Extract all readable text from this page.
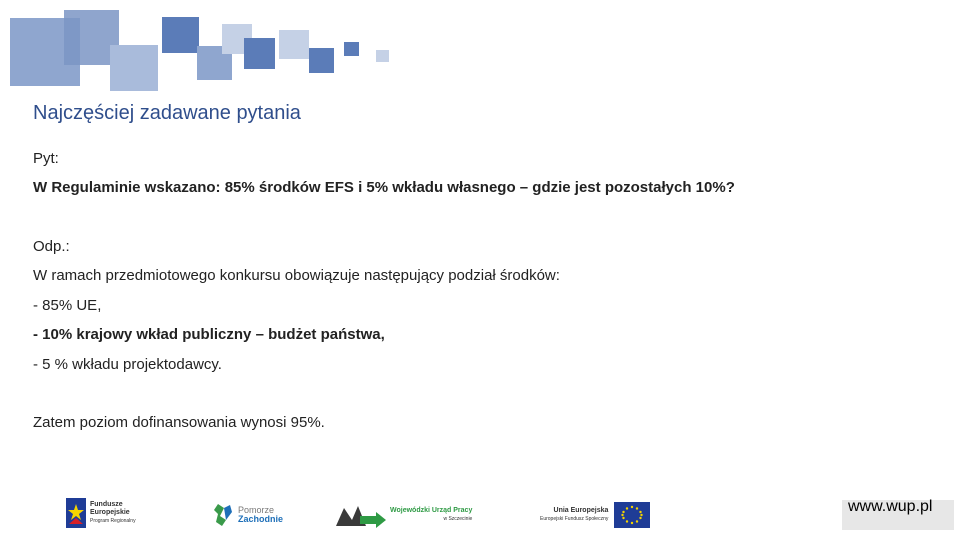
Najczęściej zadawane pytania
Pyt:
W Regulaminie wskazano: 85% środków EFS i 5% wkładu własnego – gdzie jest pozostałych 10%?
Odp.:
W ramach przedmiotowego konkursu obowiązuje następujący podział środków:
- 85% UE,
- 10% krajowy wkład publiczny – budżet państwa,
- 5 % wkładu projektodawcy.
Zatem poziom dofinansowania wynosi 95%.
Fundusze
Europejskie
Program Regionalny
Pomorze
Zachodnie
Wojewódzki Urząd Pracy
w Szczecinie
Unia Europejska
Europejski Fundusz Społeczny
www.wup.pl
